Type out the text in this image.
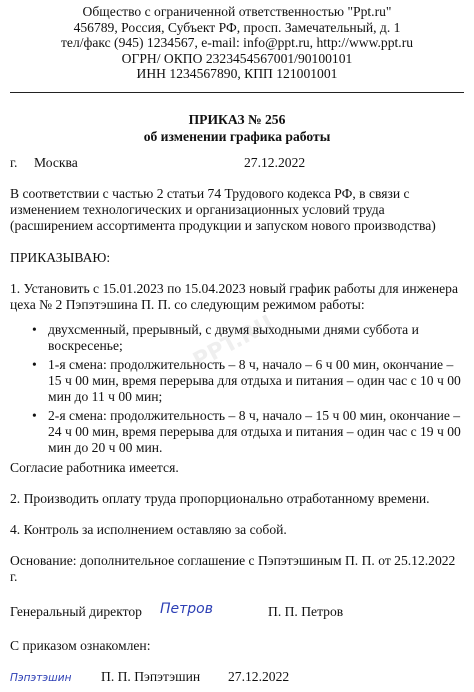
PPT.RU
Общество с ограниченной ответственностью "Ppt.ru"
456789, Россия, Субъект РФ, просп. Замечательный, д. 1
тел/факс (945) 1234567, e-mail: info@ppt.ru, http://www.ppt.ru
ОГРН/ ОКПО 2323454567001/90100101
ИНН 1234567890, КПП 121001001
ПРИКАЗ № 256
об изменении графика работы
г. Москва	27.12.2022
В соответствии с частью 2 статьи 74 Трудового кодекса РФ, в связи с
изменением технологических и организационных условий труда
(расширением ассортимента продукции и запуском нового производства)
ПРИКАЗЫВАЮ:
1. Установить с 15.01.2023 по 15.04.2023 новый график работы для инженера
цеха № 2 Пэпэтэшина П. П. со следующим режимом работы:
• двухсменный, прерывный, с двумя выходными днями суббота и
воскресенье;
• 1-я смена: продолжительность – 8 ч, начало – 6 ч 00 мин, окончание –
15 ч 00 мин, время перерыва для отдыха и питания – один час с 10 ч 00
мин до 11 ч 00 мин;
• 2-я смена: продолжительность – 8 ч, начало – 15 ч 00 мин, окончание –
24 ч 00 мин, время перерыва для отдыха и питания – один час с 19 ч 00
мин до 20 ч 00 мин.
Согласие работника имеется.
2. Производить оплату труда пропорционально отработанному времени.
4. Контроль за исполнением оставляю за собой.
Основание: дополнительное соглашение с Пэпэтэшиным П. П. от 25.12.2022
г.
Генеральный директор Петров	П. П. Петров
С приказом ознакомлен:
Пэпэтэшин П. П. Пэпэтэшин 27.12.2022
